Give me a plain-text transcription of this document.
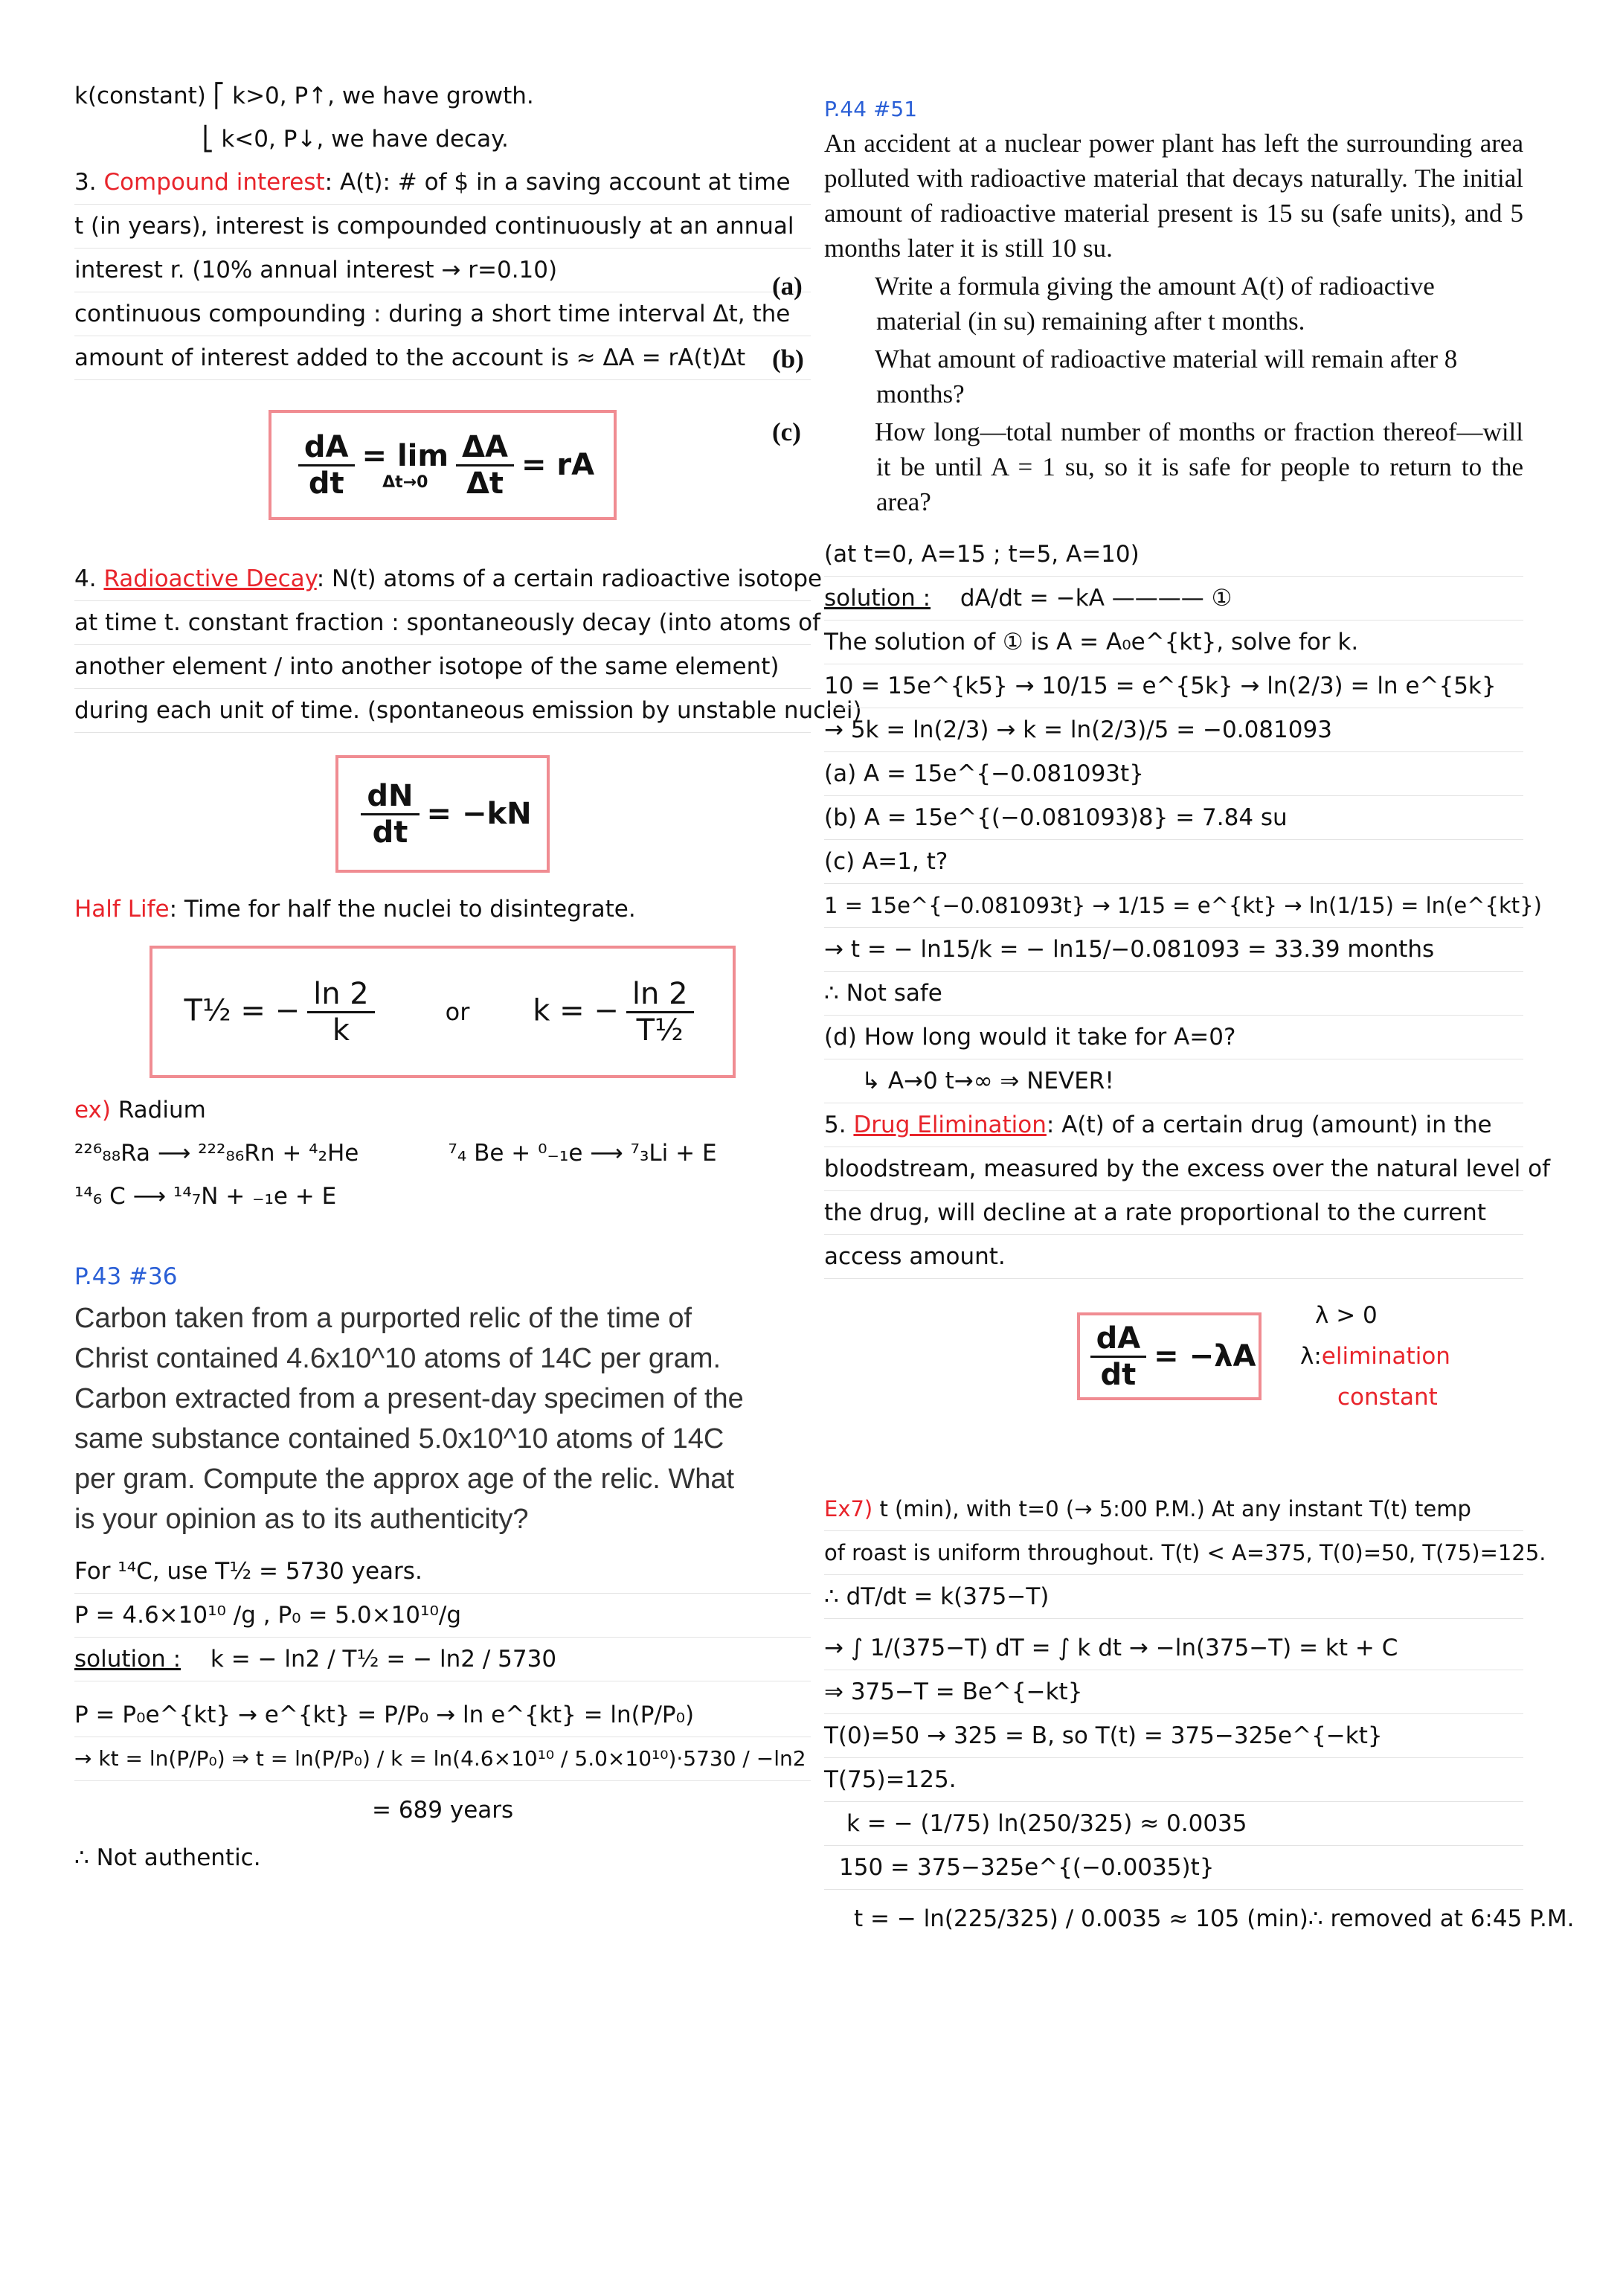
k(constant) ⎡ k>0, P↑, we have growth.
⎣ k<0, P↓, we have decay.
3. Compound interest: A(t): # of $ in a saving account at time
t (in years), interest is compounded continuously at an annual
interest r. (10% annual interest → r=0.10)
continuous compounding : during a short time interval Δt, the
amount of interest added to the account is ≈ ΔA = rA(t)Δt
$\frac{dA}{dt} = \lim$
$\Delta t\to 0 \frac{\Delta A}{\Delta t}$ = rA
4. Radioactive Decay: N(t) atoms of a certain radioactive isotope
at time t. constant fraction : spontaneously decay (into atoms of
another element / into another isotope of the same element)
during each unit of time. (spontaneous emission by unstable nuclei)
$\frac{dN}{dt} = -kN$
Half Life: Time for half the nuclei to disintegrate.
T½ = − $\frac{\ln 2}{k}$	or k = − $\frac{\ln 2}{\text{T½}}$
ex) Radium
²²⁶₈₈Ra ⟶ ²²²₈₆Rn + ⁴₂He	⁷₄ Be + ⁰₋₁e ⟶ ⁷₃Li + E
¹⁴₆ C ⟶ ¹⁴₇N + ₋₁e + E
P.43 #36
Carbon taken from a purported relic of the time of Christ contained 4.6x10^10 atoms of 14C per gram. Carbon extracted from a present-day specimen of the same substance contained 5.0x10^10 atoms of 14C per gram. Compute the approx age of the relic. What is your opinion as to its authenticity?
For ¹⁴C, use T½ = 5730 years.
P = 4.6×10¹⁰ /g , P₀ = 5.0×10¹⁰/g
solution : k = − ln2 / T½ = − ln2 / 5730
P = P₀e^{kt} → e^{kt} = P/P₀ → ln e^{kt} = ln(P/P₀)
→ kt = ln(P/P₀) ⇒ t = ln(P/P₀) / k = ln(4.6×10¹⁰ / 5.0×10¹⁰)·5730 / −ln2
= 689 years
∴ Not authentic.
P.44 #51
An accident at a nuclear power plant has left the surrounding area polluted with radioactive material that decays naturally. The initial amount of radioactive material present is 15 su (safe units), and 5 months later it is still 10 su.
(a)	Write a formula giving the amount A(t) of radioactive material (in su) remaining after t months.
(b)	What amount of radioactive material will remain after 8 months?
(c)	How long—total number of months or fraction thereof—will it be until A = 1 su, so it is safe for people to return to the area?
(at t=0, A=15 ; t=5, A=10)
solution : dA/dt = −kA ———— ①
The solution of ① is A = A₀e^{kt}, solve for k.
10 = 15e^{k5} → 10/15 = e^{5k} → ln(2/3) = ln e^{5k}
→ 5k = ln(2/3) → k = ln(2/3)/5 = −0.081093
(a) A = 15e^{−0.081093t}
(b) A = 15e^{(−0.081093)8} = 7.84 su
(c) A=1, t?
1 = 15e^{−0.081093t} → 1/15 = e^{kt} → ln(1/15) = ln(e^{kt})
→ t = − ln15/k = − ln15/−0.081093 = 33.39 months
∴ Not safe
(d) How long would it take for A=0?
↳ A→0 t→∞ ⇒ NEVER!
5. Drug Elimination: A(t) of a certain drug (amount) in the
bloodstream, measured by the excess over the natural level of
the drug, will decline at a rate proportional to the current
access amount.
$\frac{dA}{dt} = -\lambda A$
λ > 0
λ:elimination
constant
Ex7) t (min), with t=0 (→ 5:00 P.M.) At any instant T(t) temp
of roast is uniform throughout. T(t) < A=375, T(0)=50, T(75)=125.
∴ dT/dt = k(375−T)
→ ∫ 1/(375−T) dT = ∫ k dt → −ln(375−T) = kt + C
⇒ 375−T = Be^{−kt}
T(0)=50 → 325 = B, so T(t) = 375−325e^{−kt}
T(75)=125.
k = − (1/75) ln(250/325) ≈ 0.0035
150 = 375−325e^{(−0.0035)t}
t = − ln(225/325) / 0.0035 ≈ 105 (min) ∴ removed at 6:45 P.M.
